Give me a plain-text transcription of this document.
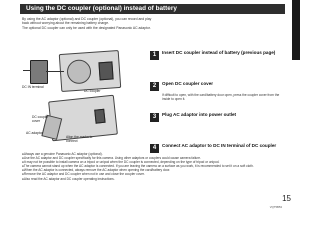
Using the DC coupler (optional) instead of battery

By using the AC adaptor (optional) and DC coupler (optional), you can record and play

back without worrying about the remaining battery charge.

The optional DC coupler can only be used with the designated Panasonic AC adaptor.

DC IN terminal
DC coupler
DC coupler cover
AC adaptor
Align the marks to connect
1	Insert DC coupler instead of battery (previous page)
2	Open DC coupler cover
If difficult to open, with the card/battery door open, press the coupler cover from the inside to open it.
3	Plug AC adaptor into power outlet
4	Connect AC adaptor to DC IN terminal of DC coupler
●Always use a genuine Panasonic AC adaptor (optional).
●Use the AC adaptor and DC coupler specifically for this camera. Using other adaptors or couplers could cause camera failure.
●It may not be possible to install camera on a tripod or unipod when the DC coupler is connected, depending on the type of tripod or unipod.
●The camera cannot stand up when the AC adaptor is connected. If you are leaving the camera on a surface as you work, it is recommended to set it on a soft cloth.
●When the AC adaptor is connected, always remove the AC adaptor when opening the card/battery door.
●Remove the AC adaptor and DC coupler when not in use and close the coupler cover.
●Also read the AC adaptor and DC coupler operating instructions.
15
VQT5B53
